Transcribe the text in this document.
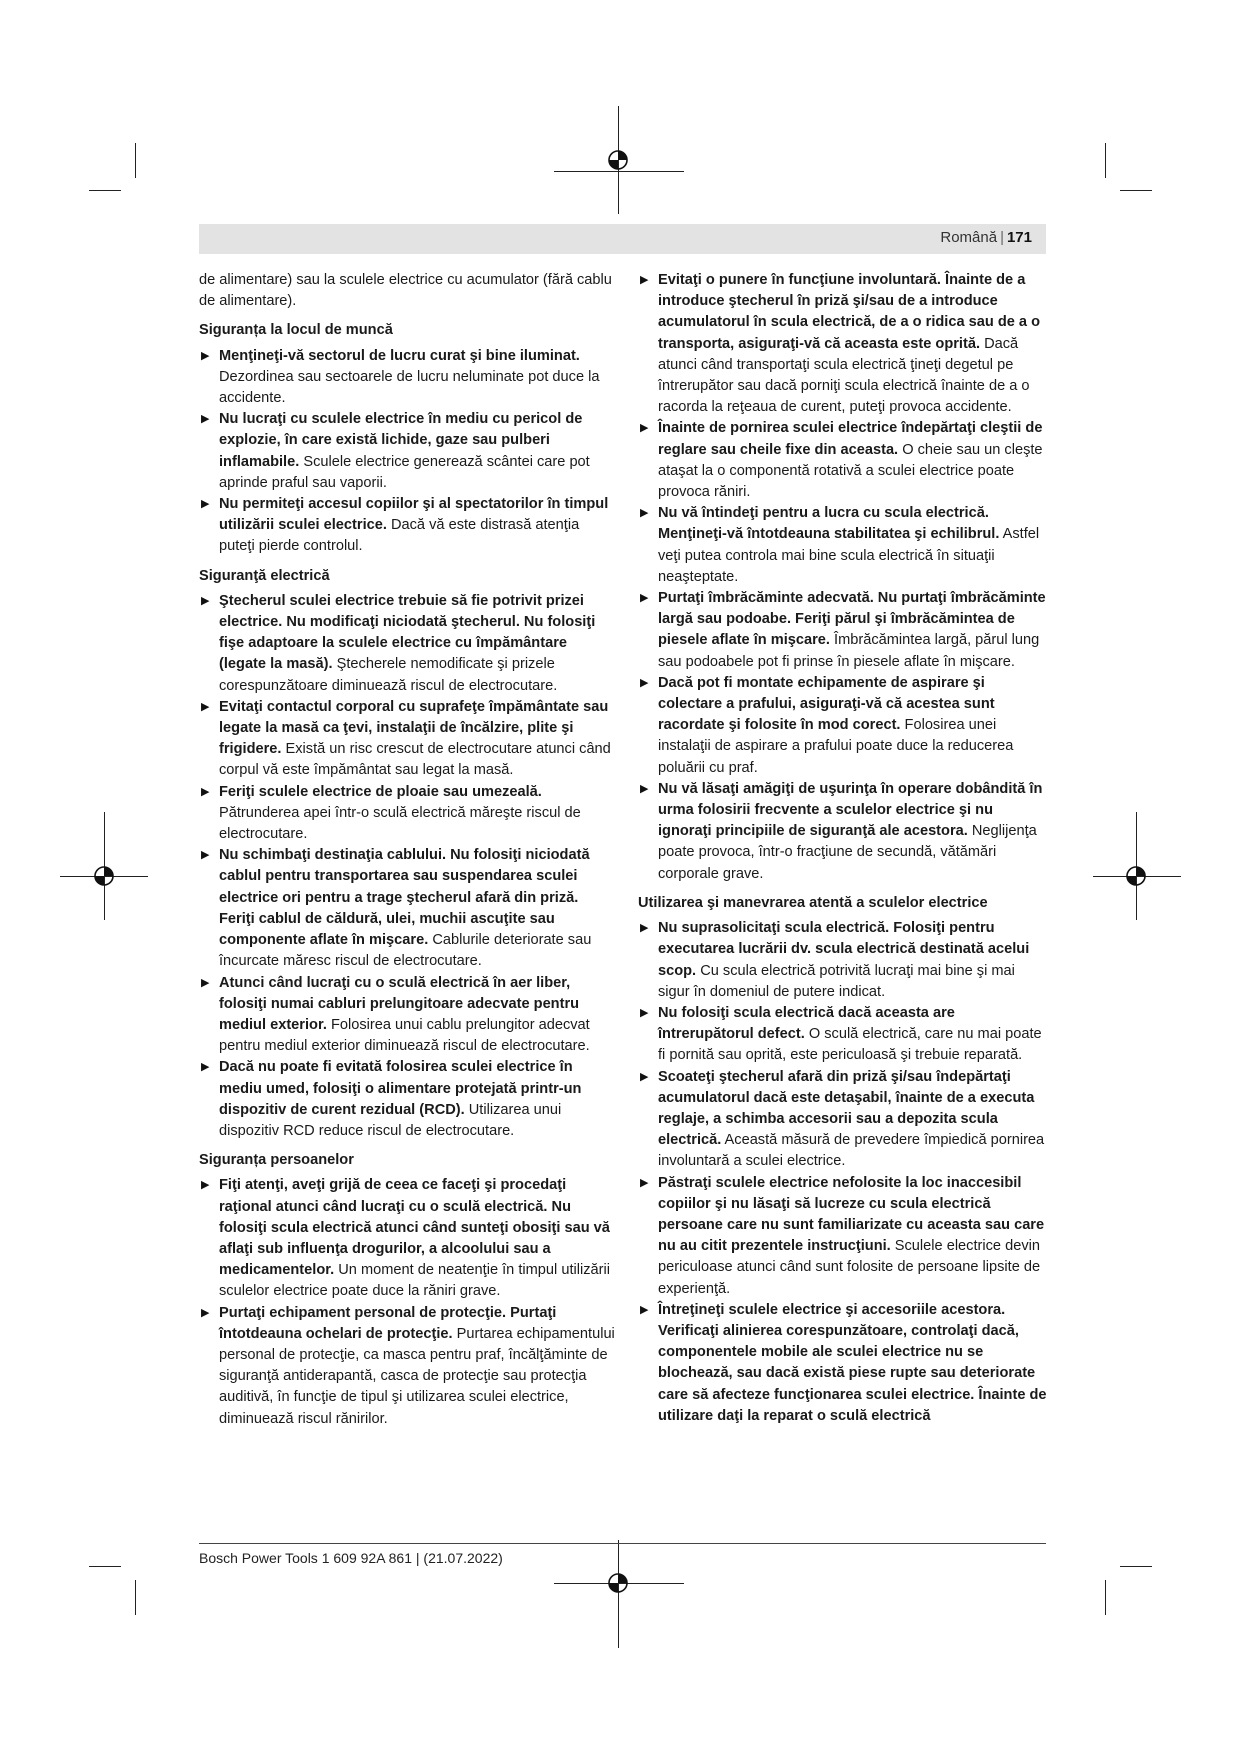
Română | 171

de alimentare) sau la sculele electrice cu acumulator (fără cablu de alimentare).

Siguranța la locul de muncă

▶ Menţineţi-vă sectorul de lucru curat şi bine iluminat. Dezordinea sau sectoarele de lucru neluminate pot duce la accidente.

▶ Nu lucraţi cu sculele electrice în mediu cu pericol de explozie, în care există lichide, gaze sau pulberi inflamabile. Sculele electrice generează scântei care pot aprinde praful sau vaporii.

▶ Nu permiteţi accesul copiilor şi al spectatorilor în timpul utilizării sculei electrice. Dacă vă este distrasă atenţia puteţi pierde controlul.

Siguranţă electrică

▶ Ştecherul sculei electrice trebuie să fie potrivit prizei electrice. Nu modificaţi niciodată ştecherul. Nu folosiţi fişe adaptoare la sculele electrice cu împământare (legate la masă). Ştecherele nemodificate şi prizele corespunzătoare diminuează riscul de electrocutare.

▶ Evitaţi contactul corporal cu suprafeţe împământate sau legate la masă ca ţevi, instalaţii de încălzire, plite şi frigidere. Există un risc crescut de electrocutare atunci când corpul vă este împământat sau legat la masă.

▶ Feriţi sculele electrice de ploaie sau umezeală. Pătrunderea apei într-o sculă electrică măreşte riscul de electrocutare.

▶ Nu schimbaţi destinaţia cablului. Nu folosiţi niciodată cablul pentru transportarea sau suspendarea sculei electrice ori pentru a trage ştecherul afară din priză. Feriţi cablul de căldură, ulei, muchii ascuţite sau componente aflate în mişcare. Cablurile deteriorate sau încurcate măresc riscul de electrocutare.

▶ Atunci când lucraţi cu o sculă electrică în aer liber, folosiţi numai cabluri prelungitoare adecvate pentru mediul exterior. Folosirea unui cablu prelungitor adecvat pentru mediul exterior diminuează riscul de electrocutare.

▶ Dacă nu poate fi evitată folosirea sculei electrice în mediu umed, folosiţi o alimentare protejată printr-un dispozitiv de curent rezidual (RCD). Utilizarea unui dispozitiv RCD reduce riscul de electrocutare.

Siguranța persoanelor

▶ Fiţi atenţi, aveţi grijă de ceea ce faceţi şi procedaţi raţional atunci când lucraţi cu o sculă electrică. Nu folosiţi scula electrică atunci când sunteţi obosiţi sau vă aflaţi sub influenţa drogurilor, a alcoolului sau a medicamentelor. Un moment de neatenţie în timpul utilizării sculelor electrice poate duce la răniri grave.

▶ Purtaţi echipament personal de protecţie. Purtaţi întotdeauna ochelari de protecţie. Purtarea echipamentului personal de protecţie, ca masca pentru praf, încălţămintе de siguranţă antiderapantă, casca de protecţie sau protecţia auditivă, în funcţie de tipul şi utilizarea sculei electrice, diminuează riscul rănirilor.

▶ Evitaţi o punere în funcţiune involuntară. Înainte de a introduce ştecherul în priză şi/sau de a introduce acumulatorul în scula electrică, de a o ridica sau de a o transporta, asiguraţi-vă că aceasta este oprită. Dacă atunci când transportaţi scula electrică ţineţi degetul pe întrerupător sau dacă porniţi scula electrică înainte de a o racorda la reţeaua de curent, puteţi provoca accidente.

▶ Înainte de pornirea sculei electrice îndepărtaţi cleştii de reglare sau cheile fixe din aceasta. O cheie sau un cleşte ataşat la o componentă rotativă a sculei electrice poate provoca răniri.

▶ Nu vă întindeţi pentru a lucra cu scula electrică. Menţineţi-vă întotdeauna stabilitatea şi echilibrul. Astfel veţi putea controla mai bine scula electrică în situaţii neaşteptate.

▶ Purtaţi îmbrăcăminte adecvată. Nu purtaţi îmbrăcăminte largă sau podoabe. Feriţi părul şi îmbrăcămintea de piesele aflate în mişcare. Îmbrăcămintea largă, părul lung sau podoabele pot fi prinse în piesele aflate în mişcare.

▶ Dacă pot fi montate echipamente de aspirare şi colectare a prafului, asiguraţi-vă că acestea sunt racordate şi folosite în mod corect. Folosirea unei instalaţii de aspirare a prafului poate duce la reducerea poluării cu praf.

▶ Nu vă lăsaţi amăgiţi de uşurinţa în operare dobândită în urma folosirii frecvente a sculelor electrice şi nu ignoraţi principiile de siguranţă ale acestora. Neglijenţa poate provoca, într-o fracţiune de secundă, vătămări corporale grave.

Utilizarea şi manevrarea atentă a sculelor electrice

▶ Nu suprasolicitaţi scula electrică. Folosiţi pentru executarea lucrării dv. scula electrică destinată acelui scop. Cu scula electrică potrivită lucraţi mai bine şi mai sigur în domeniul de putere indicat.

▶ Nu folosiţi scula electrică dacă aceasta are întrerupătorul defect. O sculă electrică, care nu mai poate fi pornită sau oprită, este periculoasă şi trebuie reparată.

▶ Scoateţi ştecherul afară din priză şi/sau îndepărtaţi acumulatorul dacă este detaşabil, înainte de a executa reglaje, a schimba accesorii sau a depozita scula electrică. Această măsură de prevedere împiedică pornirea involuntară a sculei electrice.

▶ Păstraţi sculele electrice nefolosite la loc inaccesibil copiilor şi nu lăsaţi să lucreze cu scula electrică persoane care nu sunt familiarizate cu aceasta sau care nu au citit prezentele instrucţiuni. Sculele electrice devin periculoase atunci când sunt folosite de persoane lipsite de experienţă.

▶ Întreţineţi sculele electrice şi accesoriile acestora. Verificaţi alinierea corespunzătoare, controlaţi dacă, componentele mobile ale sculei electrice nu se blochează, sau dacă există piese rupte sau deteriorate care să afecteze funcţionarea sculei electrice. Înainte de utilizare daţi la reparat o sculă electrică

Bosch Power Tools 1 609 92A 861 | (21.07.2022)
